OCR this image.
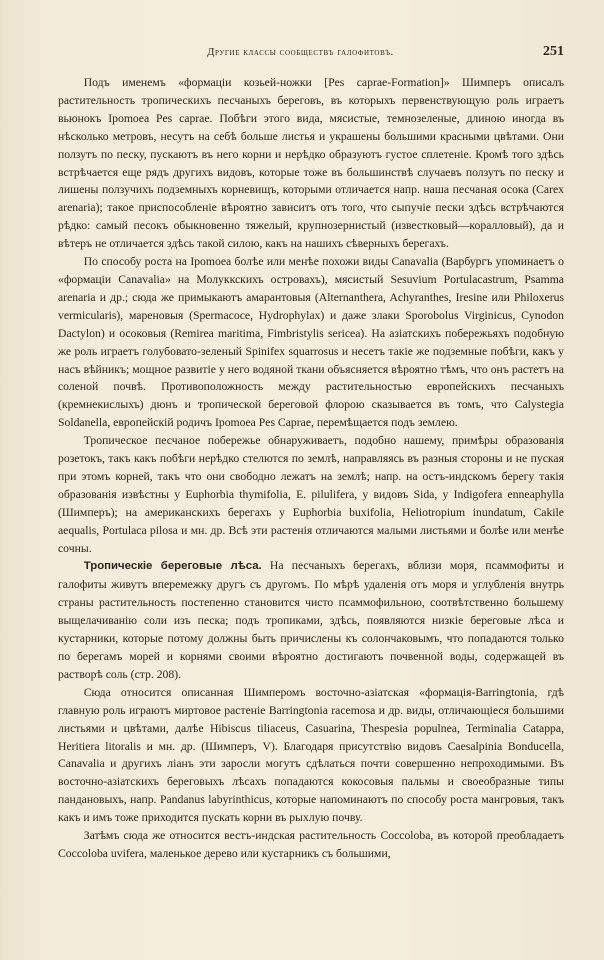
Другие классы сообществъ галофитовъ.	251

Подъ именемъ «формаціи козьей-ножки [Pes caprae-Formation]» Шимперъ описалъ растительность тропическихъ песчаныхъ береговъ, въ которыхъ первенствующую роль играетъ вьюнокъ Ipomoea Pes caprae. Побѣги этого вида, мясистые, темнозеленые, длиною иногда въ нѣсколько метровъ, несутъ на себѣ больше листья и украшены большими красными цвѣтами. Они ползутъ по песку, пускаютъ въ него корни и нерѣдко образуютъ густое сплетеніе. Кромѣ того здѣсь встрѣчается еще рядъ другихъ видовъ, которые тоже въ большинствѣ случаевъ ползутъ по песку и лишены ползучихъ подземныхъ корневищъ, которыми отличается напр. наша песчаная осока (Carex arenaria); такое приспособленіе вѣроятно зависитъ отъ того, что сыпучіе пески здѣсь встрѣчаются рѣдко: самый песокъ обыкновенно тяжелый, крупнозернистый (известковый—коралловый), да и вѣтеръ не отличается здѣсь такой силою, какъ на нашихъ сѣверныхъ берегахъ.

По способу роста на Ipomoea болѣе или менѣе похожи виды Canavalia (Варбургъ упоминаетъ о «формаціи Canavalia» на Молуккскихъ островахъ), мясистый Sesuvium Portulacastrum, Psamma arenaria и др.; сюда же примыкаютъ амарантовыя (Alternanthera, Achyranthes, Iresine или Philoxerus vermicularis), мареновыя (Spermacoce, Hydrophylax) и даже злаки Sporobolus Virginicus, Cynodon Dactylon) и осоковыя (Remirea maritima, Fimbristylis sericea). На азіатскихъ побережьяхъ подобную же роль играетъ голубовато-зеленый Spinifex squarrosus и несетъ такіе же подземные побѣги, какъ у насъ вѣйникъ; мощное развитіе у него водяной ткани объясняется вѣроятно тѣмъ, что онъ растетъ на соленой почвѣ. Противоположность между растительностью европейскихъ песчаныхъ (кремнекислыхъ) дюнъ и тропической береговой флорою сказывается въ томъ, что Calystegia Soldanella, европейскій родичъ Ipomoea Pes Caprae, перемѣщается подъ землею.

Тропическое песчаное побережье обнаруживаетъ, подобно нашему, примѣры образованія розетокъ, такъ какъ побѣги нерѣдко стелются по землѣ, направляясь въ разныя стороны и не пуская при этомъ корней, такъ что они свободно лежатъ на землѣ; напр. на остъ-индскомъ берегу такія образованія извѣстны у Euphorbia thymifolia, E. pilulifera, у видовъ Sida, у Indigofera enneaphylla (Шимперъ); на американскихъ берегахъ у Euphorbia buxifolia, Heliotropium inundatum, Cakile aequalis, Portulaca pilosa и мн. др. Всѣ эти растенія отличаются малыми листьями и болѣе или менѣе сочны.

Тропическіе береговые лѣса. На песчаныхъ берегахъ, вблизи моря, псаммофиты и галофиты живутъ вперемежку другъ съ другомъ. По мѣрѣ удаленія отъ моря и углубленія внутрь страны растительность постепенно становится чисто псаммофильною, соотвѣтственно большему выщелачиванію соли изъ песка; подъ тропиками, здѣсь, появляются низкіе береговые лѣса и кустарники, которые потому должны быть причислены къ солончаковымъ, что попадаются только по берегамъ морей и корнями своими вѣроятно достигаютъ почвенной воды, содержащей въ растворѣ соль (стр. 208).

Сюда относится описанная Шимперомъ восточно-азіатская «формація-Barringtonia, гдѣ главную роль играютъ миртовое растеніе Barringtonia racemosa и др. виды, отличающіеся большими листьями и цвѣтами, далѣе Hibiscus tiliaceus, Casuarina, Thespesia populnea, Terminalia Catappa, Heritiera litoralis и мн. др. (Шимперъ, V). Благодаря присутствію видовъ Caesalpinia Bonducella, Canavalia и другихъ ліанъ эти заросли могутъ сдѣлаться почти совершенно непроходимыми. Въ восточно-азіатскихъ береговыхъ лѣсахъ попадаются кокосовыя пальмы и своеобразные типы пандановыхъ, напр. Pandanus labyrinthicus, которые напоминаютъ по способу роста мангровыя, такъ какъ и имъ тоже приходится пускать корни въ рыхлую почву.

Затѣмъ сюда же относится вестъ-индская растительность Coccoloba, въ которой преобладаетъ Coccoloba uvifera, маленькое дерево или кустарникъ съ большими,
